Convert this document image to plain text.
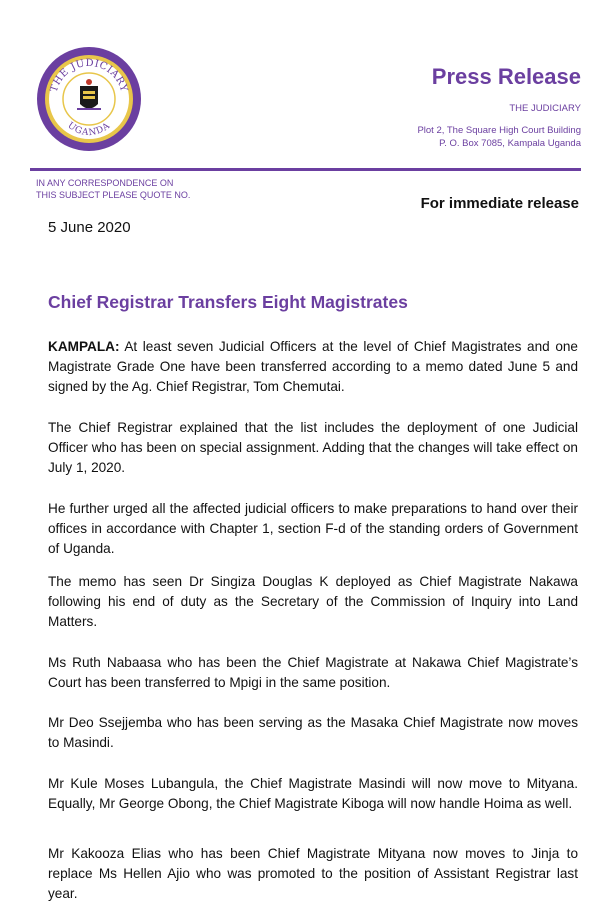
THE JUDICIARY
UGANDA
Press Release
THE JUDICIARY
Plot 2, The Square High Court Building
P. O. Box 7085, Kampala Uganda
IN ANY CORRESPONDENCE ON
THIS SUBJECT PLEASE QUOTE NO.	For immediate release
5 June 2020
Chief Registrar Transfers Eight Magistrates

KAMPALA: At least seven Judicial Officers at the level of Chief Magistrates and one Magistrate Grade One have been transferred according to a memo dated June 5 and signed by the Ag. Chief Registrar, Tom Chemutai.

The Chief Registrar explained that the list includes the deployment of one Judicial Officer who has been on special assignment. Adding that the changes will take effect on July 1, 2020.

He further urged all the affected judicial officers to make preparations to hand over their offices in accordance with Chapter 1, section F-d of the standing orders of Government of Uganda.

The memo has seen Dr Singiza Douglas K deployed as Chief Magistrate Nakawa following his end of duty as the Secretary of the Commission of Inquiry into Land Matters.

Ms Ruth Nabaasa who has been the Chief Magistrate at Nakawa Chief Magistrate’s Court has been transferred to Mpigi in the same position.

Mr Deo Ssejjemba who has been serving as the Masaka Chief Magistrate now moves to Masindi.

Mr Kule Moses Lubangula, the Chief Magistrate Masindi will now move to Mityana. Equally, Mr George Obong, the Chief Magistrate Kiboga will now handle Hoima as well.

Mr Kakooza Elias who has been Chief Magistrate Mityana now moves to Jinja to replace Ms Hellen Ajio who was promoted to the position of Assistant Registrar last year.
